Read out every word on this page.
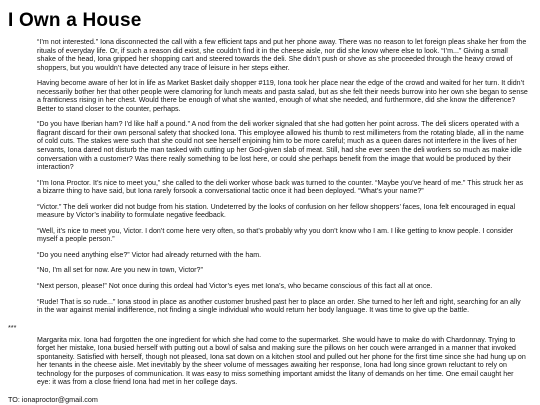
I Own a House

“I’m not interested.” Iona disconnected the call with a few efficient taps and put her phone away. There was no reason to let foreign pleas shake her from the rituals of everyday life. Or, if such a reason did exist, she couldn’t find it in the cheese aisle, nor did she know where else to look. “I’m...” Giving a small shake of the head, Iona gripped her shopping cart and steered towards the deli. She didn’t push or shove as she proceeded through the heavy crowd of shoppers, but you wouldn’t have detected any trace of leisure in her steps either.

Having become aware of her lot in life as Market Basket daily shopper #119, Iona took her place near the edge of the crowd and waited for her turn. It didn’t necessarily bother her that other people were clamoring for lunch meats and pasta salad, but as she felt their needs burrow into her own she began to sense a franticness rising in her chest. Would there be enough of what she wanted, enough of what she needed, and furthermore, did she know the difference? Better to stand closer to the counter, perhaps.

“Do you have Iberian ham? I’d like half a pound.” A nod from the deli worker signaled that she had gotten her point across. The deli slicers operated with a flagrant discard for their own personal safety that shocked Iona. This employee allowed his thumb to rest millimeters from the rotating blade, all in the name of cold cuts. The stakes were such that she could not see herself enjoining him to be more careful; much as a queen dares not interfere in the lives of her servants, Iona dared not disturb the man tasked with cutting up her God-given slab of meat. Still, had she ever seen the deli workers so much as make idle conversation with a customer? Was there really something to be lost here, or could she perhaps benefit from the image that would be produced by their interaction?

“I’m Iona Proctor. It’s nice to meet you,” she called to the deli worker whose back was turned to the counter. “Maybe you’ve heard of me.” This struck her as a bizarre thing to have said, but Iona rarely forsook a conversational tactic once it had been deployed. “What’s your name?”

“Victor.” The deli worker did not budge from his station. Undeterred by the looks of confusion on her fellow shoppers’ faces, Iona felt encouraged in equal measure by Victor’s inability to formulate negative feedback.

“Well, it’s nice to meet you, Victor. I don’t come here very often, so that’s probably why you don’t know who I am. I like getting to know people. I consider myself a people person.”

“Do you need anything else?” Victor had already returned with the ham.

“No, I’m all set for now. Are you new in town, Victor?”

“Next person, please!” Not once during this ordeal had Victor’s eyes met Iona’s, who became conscious of this fact all at once.

“Rude! That is so rude...” Iona stood in place as another customer brushed past her to place an order. She turned to her left and right, searching for an ally in the war against menial indifference, not finding a single individual who would return her body language. It was time to give up the battle.

***

Margarita mix. Iona had forgotten the one ingredient for which she had come to the supermarket. She would have to make do with Chardonnay. Trying to forget her mistake, Iona busied herself with putting out a bowl of salsa and making sure the pillows on her couch were arranged in a manner that invoked spontaneity. Satisfied with herself, though not pleased, Iona sat down on a kitchen stool and pulled out her phone for the first time since she had hung up on her tenants in the cheese aisle. Met inevitably by the sheer volume of messages awaiting her response, Iona had long since grown reluctant to rely on technology for the purposes of communication. It was easy to miss something important amidst the litany of demands on her time. One email caught her eye: it was from a close friend Iona had met in her college days.

TO: ionaproctor@gmail.com
